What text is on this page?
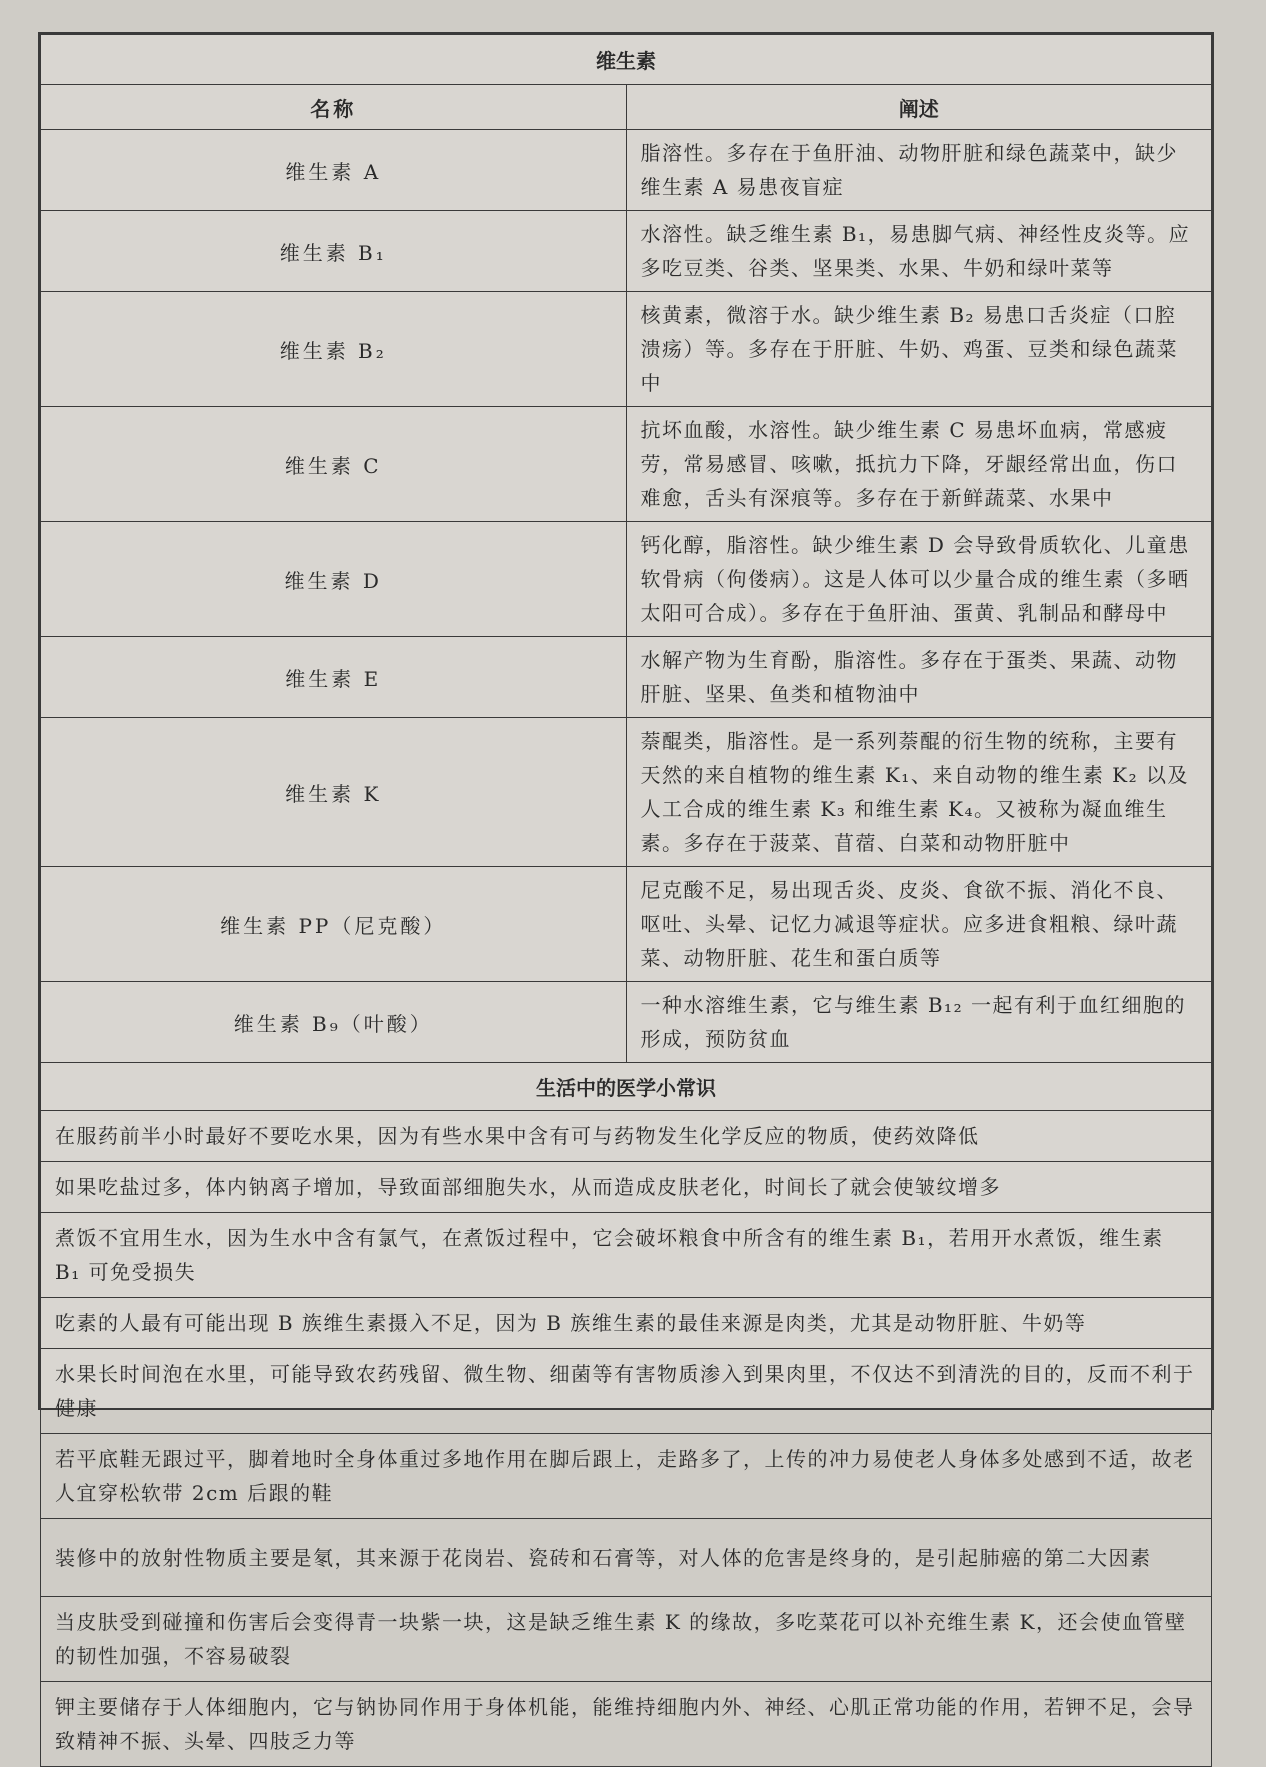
维生素	
名称	阐述
维生素 A	脂溶性。多存在于鱼肝油、动物肝脏和绿色蔬菜中，缺少维生素 A 易患夜盲症
维生素 B₁	水溶性。缺乏维生素 B₁，易患脚气病、神经性皮炎等。应多吃豆类、谷类、坚果类、水果、牛奶和绿叶菜等
维生素 B₂	核黄素，微溶于水。缺少维生素 B₂ 易患口舌炎症（口腔溃疡）等。多存在于肝脏、牛奶、鸡蛋、豆类和绿色蔬菜中
维生素 C	抗坏血酸，水溶性。缺少维生素 C 易患坏血病，常感疲劳，常易感冒、咳嗽，抵抗力下降，牙龈经常出血，伤口难愈，舌头有深痕等。多存在于新鲜蔬菜、水果中
维生素 D	钙化醇，脂溶性。缺少维生素 D 会导致骨质软化、儿童患软骨病（佝偻病）。这是人体可以少量合成的维生素（多晒太阳可合成）。多存在于鱼肝油、蛋黄、乳制品和酵母中
维生素 E	水解产物为生育酚，脂溶性。多存在于蛋类、果蔬、动物肝脏、坚果、鱼类和植物油中
维生素 K	萘醌类，脂溶性。是一系列萘醌的衍生物的统称，主要有天然的来自植物的维生素 K₁、来自动物的维生素 K₂ 以及人工合成的维生素 K₃ 和维生素 K₄。又被称为凝血维生素。多存在于菠菜、苜蓿、白菜和动物肝脏中
维生素 PP（尼克酸）	尼克酸不足，易出现舌炎、皮炎、食欲不振、消化不良、呕吐、头晕、记忆力减退等症状。应多进食粗粮、绿叶蔬菜、动物肝脏、花生和蛋白质等
维生素 B₉（叶酸）	一种水溶维生素，它与维生素 B₁₂ 一起有利于血红细胞的形成，预防贫血
生活中的医学小常识	
在服药前半小时最好不要吃水果，因为有些水果中含有可与药物发生化学反应的物质，使药效降低	
如果吃盐过多，体内钠离子增加，导致面部细胞失水，从而造成皮肤老化，时间长了就会使皱纹增多	
煮饭不宜用生水，因为生水中含有氯气，在煮饭过程中，它会破坏粮食中所含有的维生素 B₁，若用开水煮饭，维生素 B₁ 可免受损失	
吃素的人最有可能出现 B 族维生素摄入不足，因为 B 族维生素的最佳来源是肉类，尤其是动物肝脏、牛奶等	
水果长时间泡在水里，可能导致农药残留、微生物、细菌等有害物质渗入到果肉里，不仅达不到清洗的目的，反而不利于健康	
若平底鞋无跟过平，脚着地时全身体重过多地作用在脚后跟上，走路多了，上传的冲力易使老人身体多处感到不适，故老人宜穿松软带 2cm 后跟的鞋	
装修中的放射性物质主要是氡，其来源于花岗岩、瓷砖和石膏等，对人体的危害是终身的，是引起肺癌的第二大因素	
当皮肤受到碰撞和伤害后会变得青一块紫一块，这是缺乏维生素 K 的缘故，多吃菜花可以补充维生素 K，还会使血管壁的韧性加强，不容易破裂	
钾主要储存于人体细胞内，它与钠协同作用于身体机能，能维持细胞内外、神经、心肌正常功能的作用，若钾不足，会导致精神不振、头晕、四肢乏力等	
